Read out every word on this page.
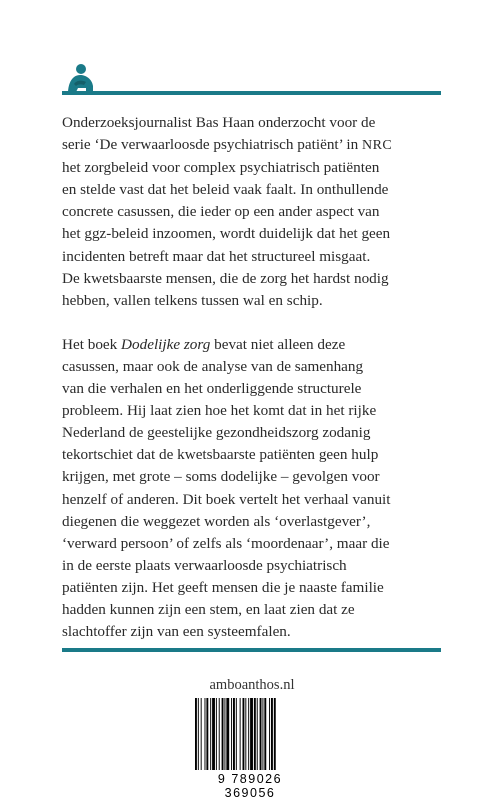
Onderzoeksjournalist Bas Haan onderzocht voor de
serie ‘De verwaarloosde psychiatrisch patiënt’ in NRC
het zorgbeleid voor complex psychiatrisch patiënten
en stelde vast dat het beleid vaak faalt. In onthullende
concrete casussen, die ieder op een ander aspect van
het ggz-beleid inzoomen, wordt duidelijk dat het geen
incidenten betreft maar dat het structureel misgaat.
De kwetsbaarste mensen, die de zorg het hardst nodig
hebben, vallen telkens tussen wal en schip.

Het boek Dodelijke zorg bevat niet alleen deze
casussen, maar ook de analyse van de samenhang
van die verhalen en het onderliggende structurele
probleem. Hij laat zien hoe het komt dat in het rijke
Nederland de geestelijke gezondheidszorg zodanig
tekortschiet dat de kwetsbaarste patiënten geen hulp
krijgen, met grote – soms dodelijke – gevolgen voor
henzelf of anderen. Dit boek vertelt het verhaal vanuit
diegenen die weggezet worden als ‘overlastgever’,
‘verward persoon’ of zelfs als ‘moordenaar’, maar die
in de eerste plaats verwaarloosde psychiatrisch
patiënten zijn. Het geeft mensen die je naaste familie
hadden kunnen zijn een stem, en laat zien dat ze
slachtoffer zijn van een systeemfalen.

amboanthos.nl
9 789026 369056
